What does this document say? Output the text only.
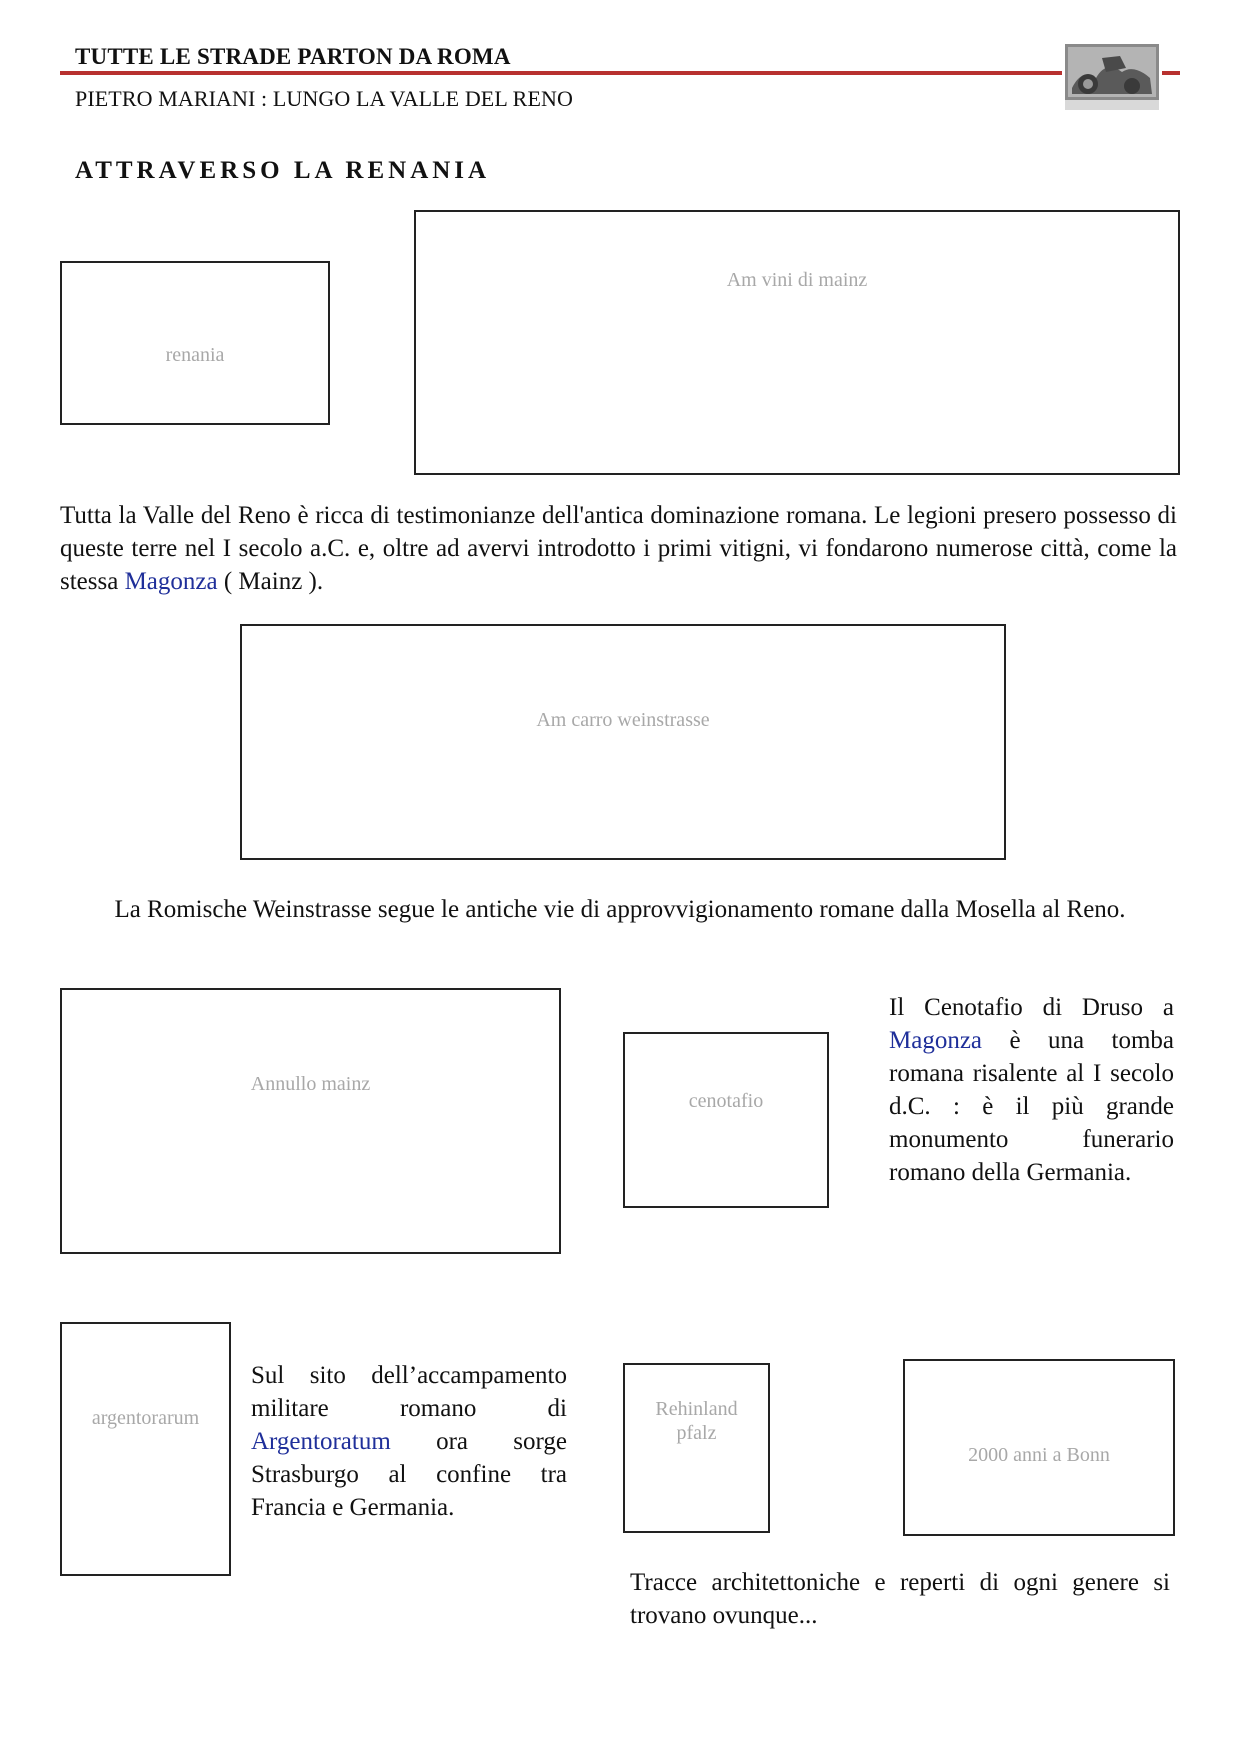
TUTTE LE STRADE PARTON DA ROMA
PIETRO MARIANI : LUNGO LA VALLE DEL RENO
ATTRAVERSO LA RENANIA
renania
Am vini di mainz
Tutta la Valle del Reno è ricca di testimonianze dell'antica dominazione romana. Le legioni presero possesso di queste terre nel I secolo a.C. e, oltre ad avervi introdotto i primi vitigni, vi fondarono numerose città, come la stessa Magonza ( Mainz ).
Am carro weinstrasse
La Romische Weinstrasse segue le antiche vie di approvvigionamento romane dalla Mosella al Reno.
Annullo mainz
cenotafio
Il Cenotafio di Druso a Magonza è una tomba romana risalente al I secolo d.C. : è il più grande monumento funerario romano della Germania.
argentorarum
Sul sito dell’accampamento militare romano di Argentoratum ora sorge Strasburgo al confine tra Francia e Germania.
Rehinland
pfalz
2000 anni a Bonn
Tracce architettoniche e reperti di ogni genere si trovano ovunque...
